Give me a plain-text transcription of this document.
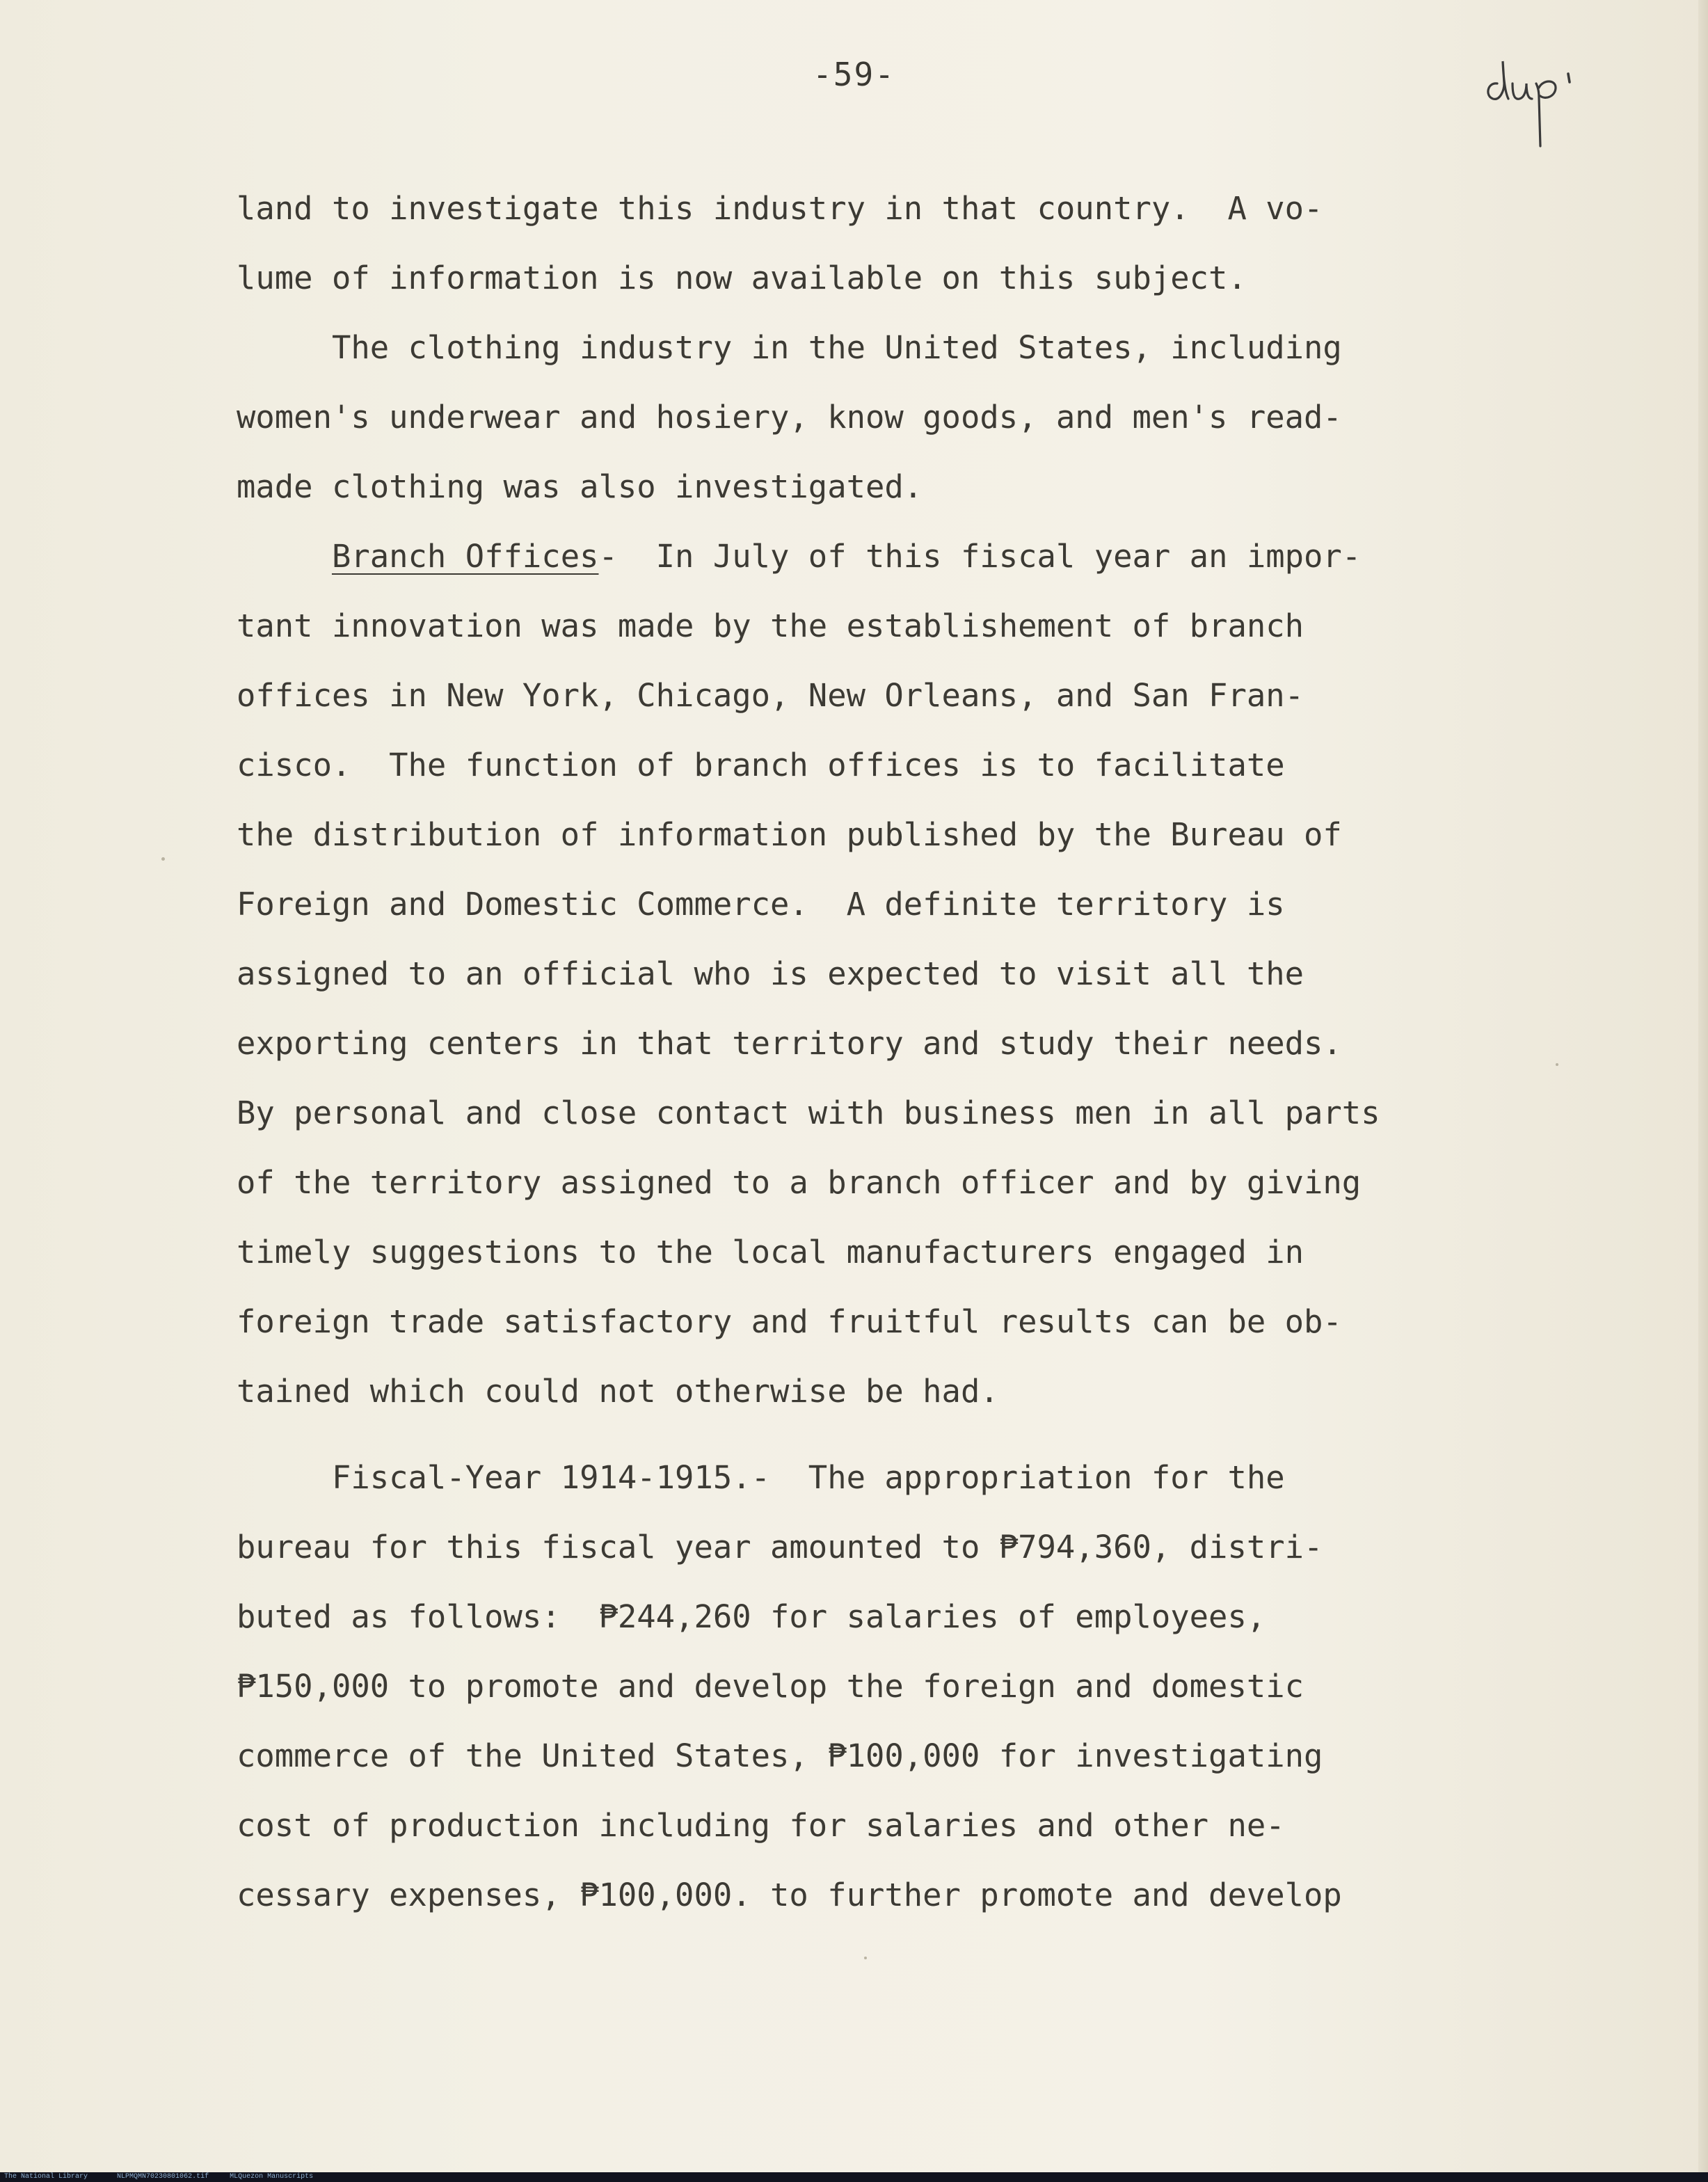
-59-
land to investigate this industry in that country.  A vo-
lume of information is now available on this subject.
The clothing industry in the United States, including
women's underwear and hosiery, know goods, and men's read-
made clothing was also investigated.
Branch Offices-  In July of this fiscal year an impor-
tant innovation was made by the establishement of branch
offices in New York, Chicago, New Orleans, and San Fran-
cisco.  The function of branch offices is to facilitate
the distribution of information published by the Bureau of
Foreign and Domestic Commerce.  A definite territory is
assigned to an official who is expected to visit all the
exporting centers in that territory and study their needs.
By personal and close contact with business men in all parts
of the territory assigned to a branch officer and by giving
timely suggestions to the local manufacturers engaged in
foreign trade satisfactory and fruitful results can be ob-
tained which could not otherwise be had.
Fiscal-Year 1914-1915.-  The appropriation for the
bureau for this fiscal year amounted to ₱794,360, distri-
buted as follows:  ₱244,260 for salaries of employees,
₱150,000 to promote and develop the foreign and domestic
commerce of the United States, ₱100,000 for investigating
cost of production including for salaries and other ne-
cessary expenses, ₱100,000. to further promote and develop
The National Library	NLPMQMN70230801062.tif	MLQuezon Manuscripts
